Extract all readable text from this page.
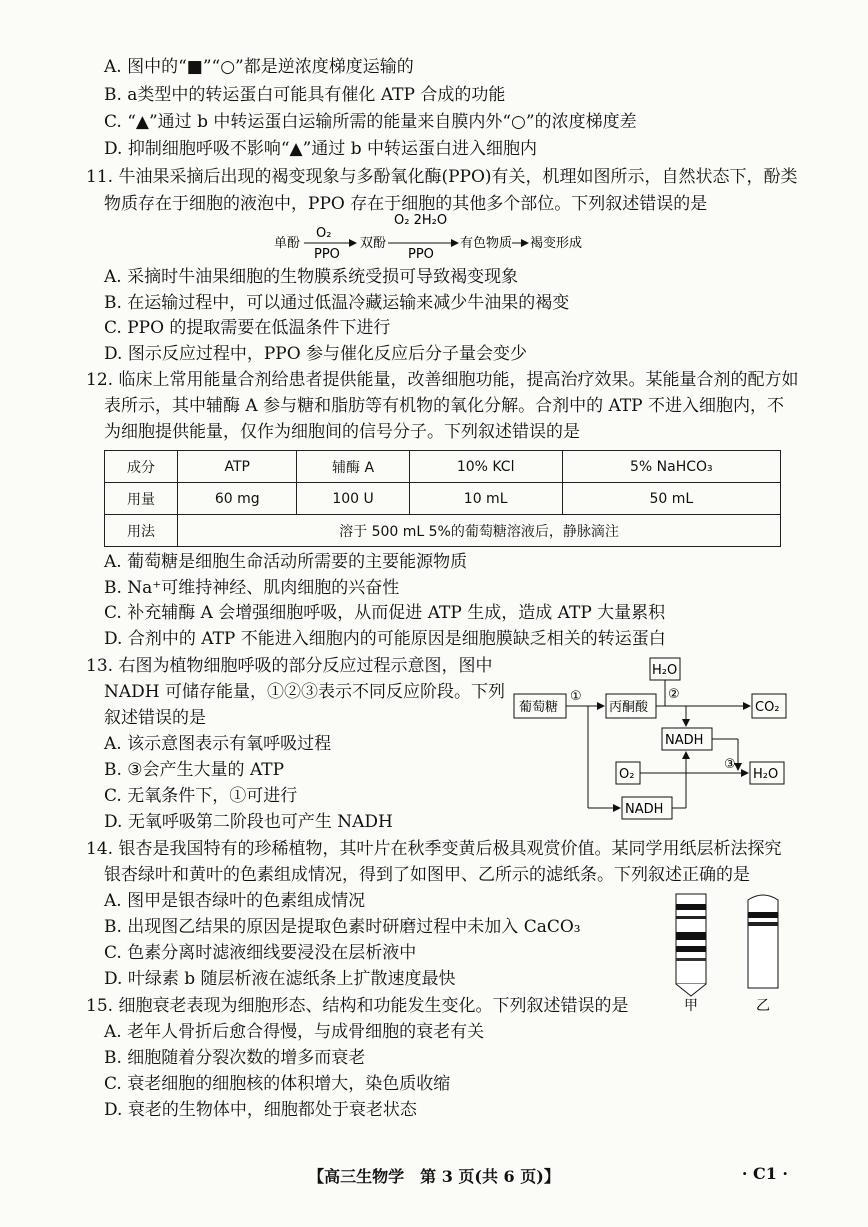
A. 图中的“■”“○”都是逆浓度梯度运输的
B. a类型中的转运蛋白可能具有催化 ATP 合成的功能
C. “▲”通过 b 中转运蛋白运输所需的能量来自膜内外“○”的浓度梯度差
D. 抑制细胞呼吸不影响“▲”通过 b 中转运蛋白进入细胞内
11. 牛油果采摘后出现的褐变现象与多酚氧化酶(PPO)有关，机理如图所示，自然状态下，酚类
物质存在于细胞的液泡中，PPO 存在于细胞的其他多个部位。下列叙述错误的是
单酚
O₂
PPO
双酚
O₂ 2H₂O
PPO
有色物质 褐变形成
A. 采摘时牛油果细胞的生物膜系统受损可导致褐变现象
B. 在运输过程中，可以通过低温冷藏运输来减少牛油果的褐变
C. PPO 的提取需要在低温条件下进行
D. 图示反应过程中，PPO 参与催化反应后分子量会变少
12. 临床上常用能量合剂给患者提供能量，改善细胞功能，提高治疗效果。某能量合剂的配方如
表所示，其中辅酶 A 参与糖和脂肪等有机物的氧化分解。合剂中的 ATP 不进入细胞内，不
为细胞提供能量，仅作为细胞间的信号分子。下列叙述错误的是
成分	ATP	辅酶 A	10% KCl	5% NaHCO₃
用量	60 mg	100 U	10 mL	50 mL
用法	溶于 500 mL 5%的葡萄糖溶液后，静脉滴注			
A. 葡萄糖是细胞生命活动所需要的主要能源物质
B. Na⁺可维持神经、肌肉细胞的兴奋性
C. 补充辅酶 A 会增强细胞呼吸，从而促进 ATP 生成，造成 ATP 大量累积
D. 合剂中的 ATP 不能进入细胞内的可能原因是细胞膜缺乏相关的转运蛋白
13. 右图为植物细胞呼吸的部分反应过程示意图，图中
NADH 可储存能量，①②③表示不同反应阶段。下列
叙述错误的是
A. 该示意图表示有氧呼吸过程
B. ③会产生大量的 ATP
C. 无氧条件下，①可进行
D. 无氧呼吸第二阶段也可产生 NADH
葡萄糖
①
丙酮酸
H₂O
②
CO₂
NADH
O₂
③
H₂O
NADH
14. 银杏是我国特有的珍稀植物，其叶片在秋季变黄后极具观赏价值。某同学用纸层析法探究
银杏绿叶和黄叶的色素组成情况，得到了如图甲、乙所示的滤纸条。下列叙述正确的是
A. 图甲是银杏绿叶的色素组成情况
B. 出现图乙结果的原因是提取色素时研磨过程中未加入 CaCO₃
C. 色素分离时滤液细线要浸没在层析液中
D. 叶绿素 b 随层析液在滤纸条上扩散速度最快
甲	乙
15. 细胞衰老表现为细胞形态、结构和功能发生变化。下列叙述错误的是
A. 老年人骨折后愈合得慢，与成骨细胞的衰老有关
B. 细胞随着分裂次数的增多而衰老
C. 衰老细胞的细胞核的体积增大，染色质收缩
D. 衰老的生物体中，细胞都处于衰老状态
【高三生物学　第 3 页(共 6 页)】	· C1 ·
